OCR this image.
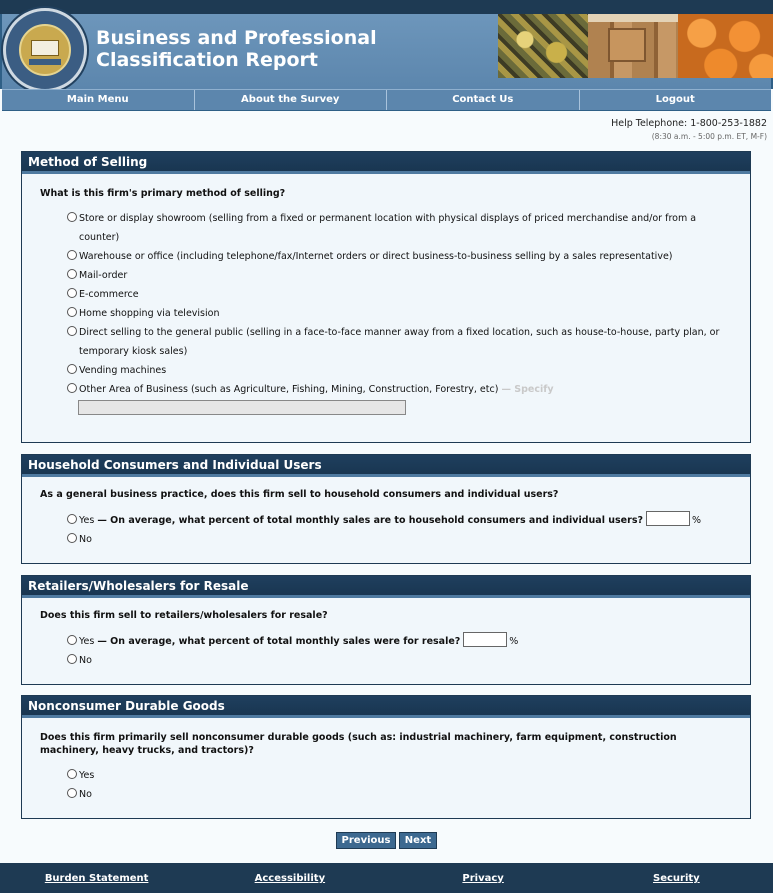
Business and Professional
Classification Report
Main Menu	About the Survey	Contact Us	Logout
Help Telephone: 1-800-253-1882
(8:30 a.m. - 5:00 p.m. ET, M-F)
Method of Selling
What is this firm's primary method of selling?
Store or display showroom (selling from a fixed or permanent location with physical displays of priced merchandise and/or from a
counter)
Warehouse or office (including telephone/fax/Internet orders or direct business-to-business selling by a sales representative)
Mail-order
E-commerce
Home shopping via television
Direct selling to the general public (selling in a face-to-face manner away from a fixed location, such as house-to-house, party plan, or
temporary kiosk sales)
Vending machines
Other Area of Business (such as Agriculture, Fishing, Mining, Construction, Forestry, etc) — Specify
Household Consumers and Individual Users
As a general business practice, does this firm sell to household consumers and individual users?
Yes — On average, what percent of total monthly sales are to household consumers and individual users?	%
No
Retailers/Wholesalers for Resale
Does this firm sell to retailers/wholesalers for resale?
Yes — On average, what percent of total monthly sales were for resale?	%
No
Nonconsumer Durable Goods
Does this firm primarily sell nonconsumer durable goods (such as: industrial machinery, farm equipment, construction
machinery, heavy trucks, and tractors)?
Yes
No
Previous	Next
Burden Statement	Accessibility	Privacy	Security
